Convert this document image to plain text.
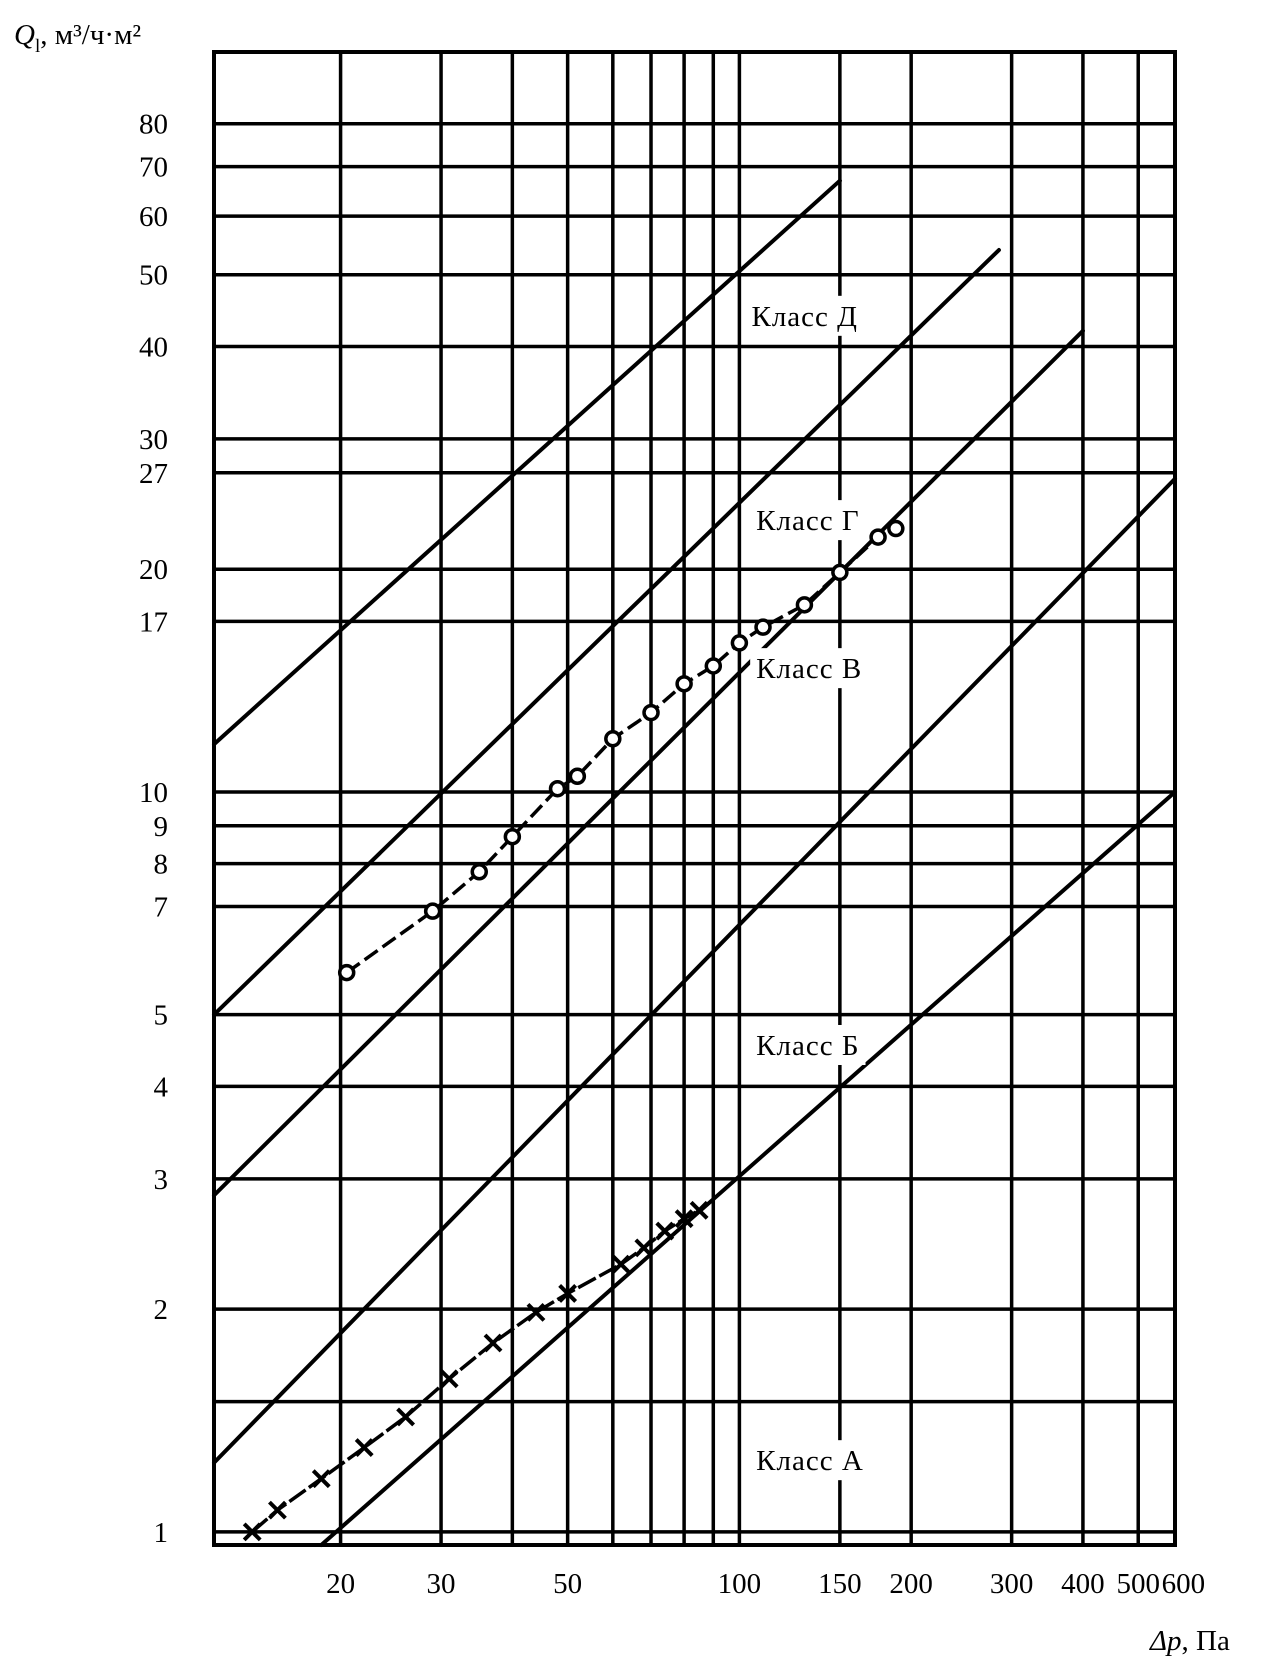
20 30	50	100 150 200 300 400 500 600
1
2
3
4
5
7
8
9
10
17
20
27
30
40
50
60
70
80
Класс Д
Класс Г
Класс В
Класс Б
Класс А
$Q_l$, м³/ч·м²
Δp, Па
